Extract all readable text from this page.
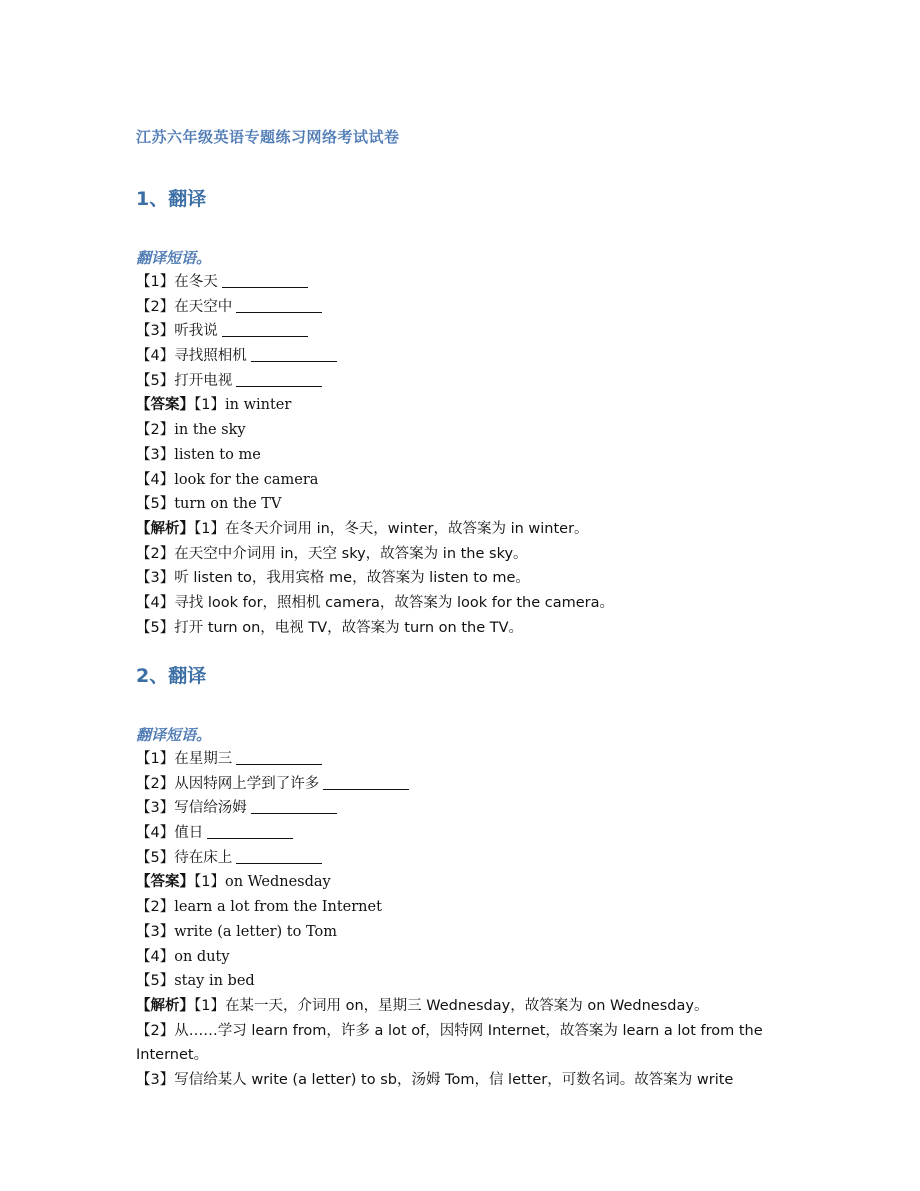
江苏六年级英语专题练习网络考试试卷
1、翻译
翻译短语。
【1】在冬天
【2】在天空中
【3】听我说
【4】寻找照相机
【5】打开电视
【答案】【1】in winter
【2】in the sky
【3】listen to me
【4】look for the camera
【5】turn on the TV
【解析】【1】在冬天介词用 in，冬天，winter，故答案为 in winter。
【2】在天空中介词用 in，天空 sky，故答案为 in the sky。
【3】听 listen to，我用宾格 me，故答案为 listen to me。
【4】寻找 look for，照相机 camera，故答案为 look for the camera。
【5】打开 turn on，电视 TV，故答案为 turn on the TV。
2、翻译
翻译短语。
【1】在星期三
【2】从因特网上学到了许多
【3】写信给汤姆
【4】值日
【5】待在床上
【答案】【1】on Wednesday
【2】learn a lot from the Internet
【3】write (a letter) to Tom
【4】on duty
【5】stay in bed
【解析】【1】在某一天，介词用 on，星期三 Wednesday，故答案为 on Wednesday。
【2】从……学习 learn from，许多 a lot of，因特网 Internet，故答案为 learn a lot from the Internet。
【3】写信给某人 write (a letter) to sb，汤姆 Tom，信 letter，可数名词。故答案为 write
